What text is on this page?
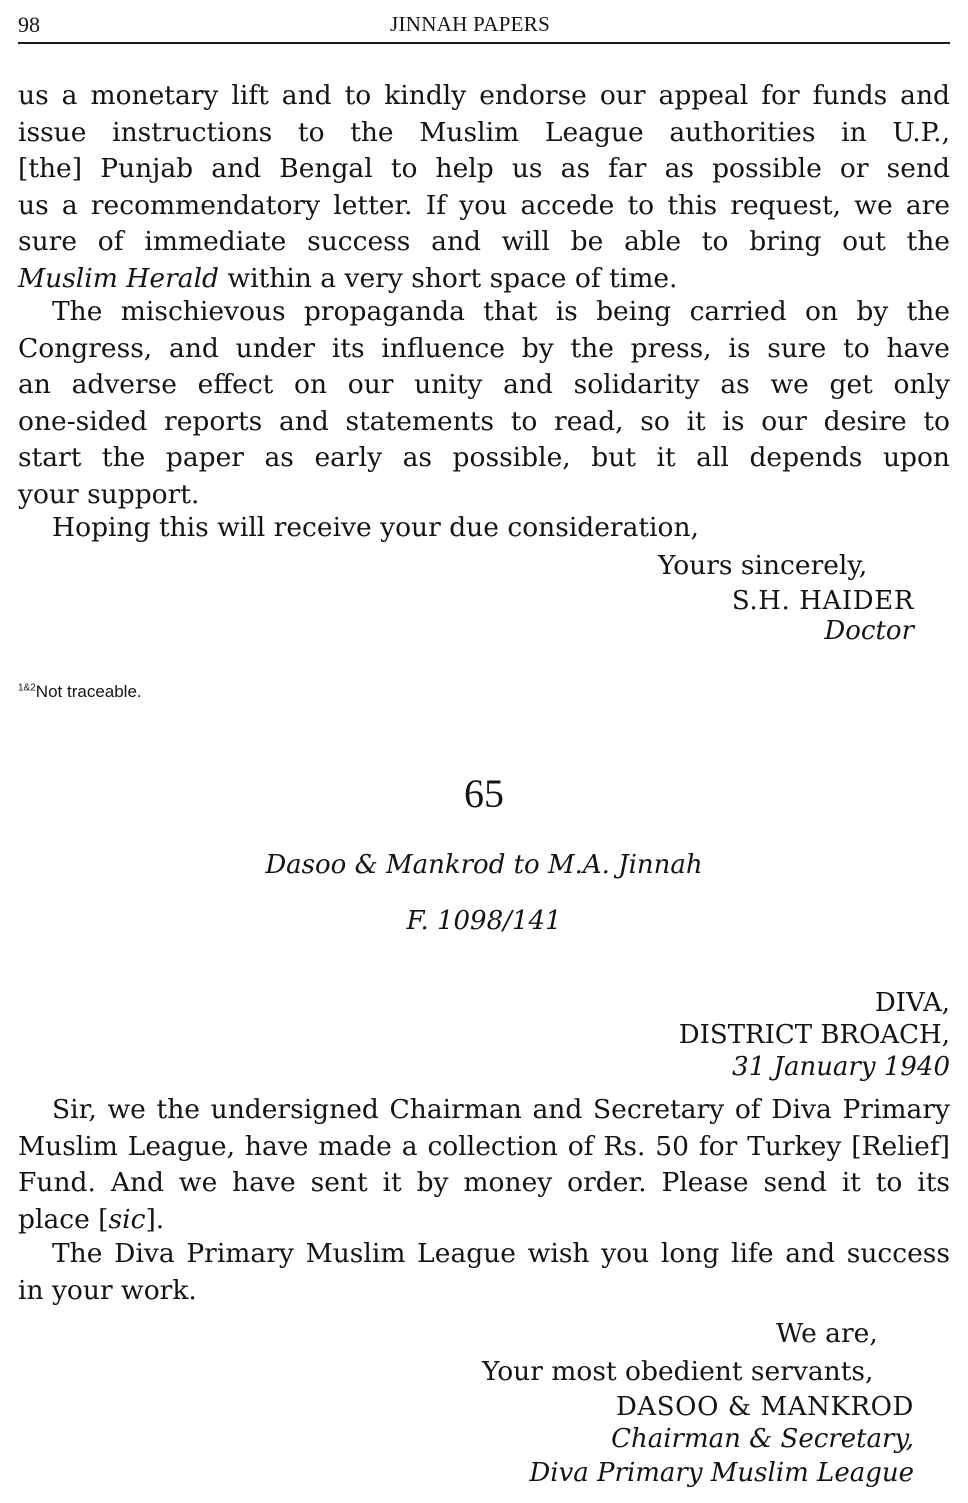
98	JINNAH PAPERS
us a monetary lift and to kindly endorse our appeal for funds and
issue instructions to the Muslim League authorities in U.P.,
[the] Punjab and Bengal to help us as far as possible or send
us a recommendatory letter. If you accede to this request, we are
sure of immediate success and will be able to bring out the
Muslim Herald within a very short space of time.
The mischievous propaganda that is being carried on by the
Congress, and under its influence by the press, is sure to have
an adverse effect on our unity and solidarity as we get only
one-sided reports and statements to read, so it is our desire to
start the paper as early as possible, but it all depends upon
your support.
Hoping this will receive your due consideration,
Yours sincerely,
S.H. HAIDER
Doctor
$^{1\&2}$Not traceable.
65
Dasoo & Mankrod to M.A. Jinnah
F. 1098/141
DIVA,
DISTRICT BROACH,
31 January 1940
Sir, we the undersigned Chairman and Secretary of Diva Primary
Muslim League, have made a collection of Rs. 50 for Turkey [Relief]
Fund. And we have sent it by money order. Please send it to its
place [sic].
The Diva Primary Muslim League wish you long life and success
in your work.
We are,
Your most obedient servants,
DASOO & MANKROD
Chairman & Secretary,
Diva Primary Muslim League
